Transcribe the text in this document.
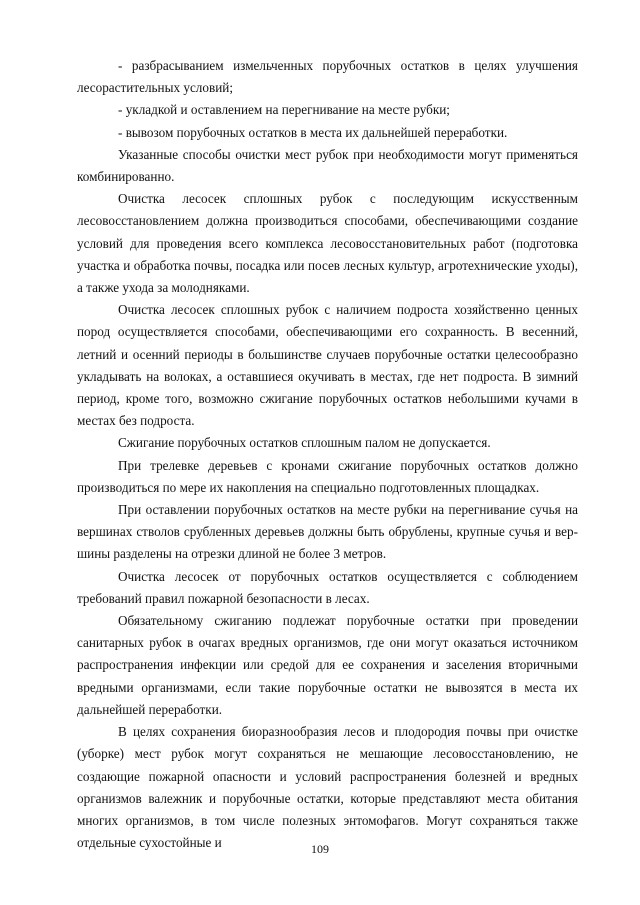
- разбрасыванием измельченных порубочных остатков в целях улучшения лесорастительных условий;

- укладкой и оставлением на перегнивание на месте рубки;

- вывозом порубочных остатков в места их дальнейшей переработки.

Указанные способы очистки мест рубок при необходимости могут применяться комбинированно.

Очистка лесосек сплошных рубок с последующим искусственным лесовосстановлением должна производиться способами, обеспечивающими создание условий для проведения всего комплекса лесовосстановительных работ (подготовка участка и обработка почвы, посадка или посев лесных культур, агротехнические уходы), а также ухода за молодняками.

Очистка лесосек сплошных рубок с наличием подроста хозяйственно ценных пород осуществляется способами, обеспечивающими его сохранность. В весенний, летний и осенний периоды в большинстве случаев порубочные остатки целесообразно укладывать на волоках, а оставшиеся окучивать в местах, где нет подроста. В зимний период, кроме того, возможно сжигание порубочных остатков небольшими кучами в местах без подроста.

Сжигание порубочных остатков сплошным палом не допускается.

При трелевке деревьев с кронами сжигание порубочных остатков должно производиться по мере их накопления на специально подготовленных площадках.

При оставлении порубочных остатков на месте рубки на перегнивание сучья на вершинах стволов срубленных деревьев должны быть обрублены, крупные сучья и вершины разделены на отрезки длиной не более 3 метров.

Очистка лесосек от порубочных остатков осуществляется с соблюдением требований правил пожарной безопасности в лесах.

Обязательному сжиганию подлежат порубочные остатки при проведении санитарных рубок в очагах вредных организмов, где они могут оказаться источником распространения инфекции или средой для ее сохранения и заселения вторичными вредными организмами, если такие порубочные остатки не вывозятся в места их дальнейшей переработки.

В целях сохранения биоразнообразия лесов и плодородия почвы при очистке (уборке) мест рубок могут сохраняться не мешающие лесовосстановлению, не создающие пожарной опасности и условий распространения болезней и вредных организмов валежник и порубочные остатки, которые представляют места обитания многих организмов, в том числе полезных энтомофагов. Могут сохраняться также отдельные сухостойные и	109
